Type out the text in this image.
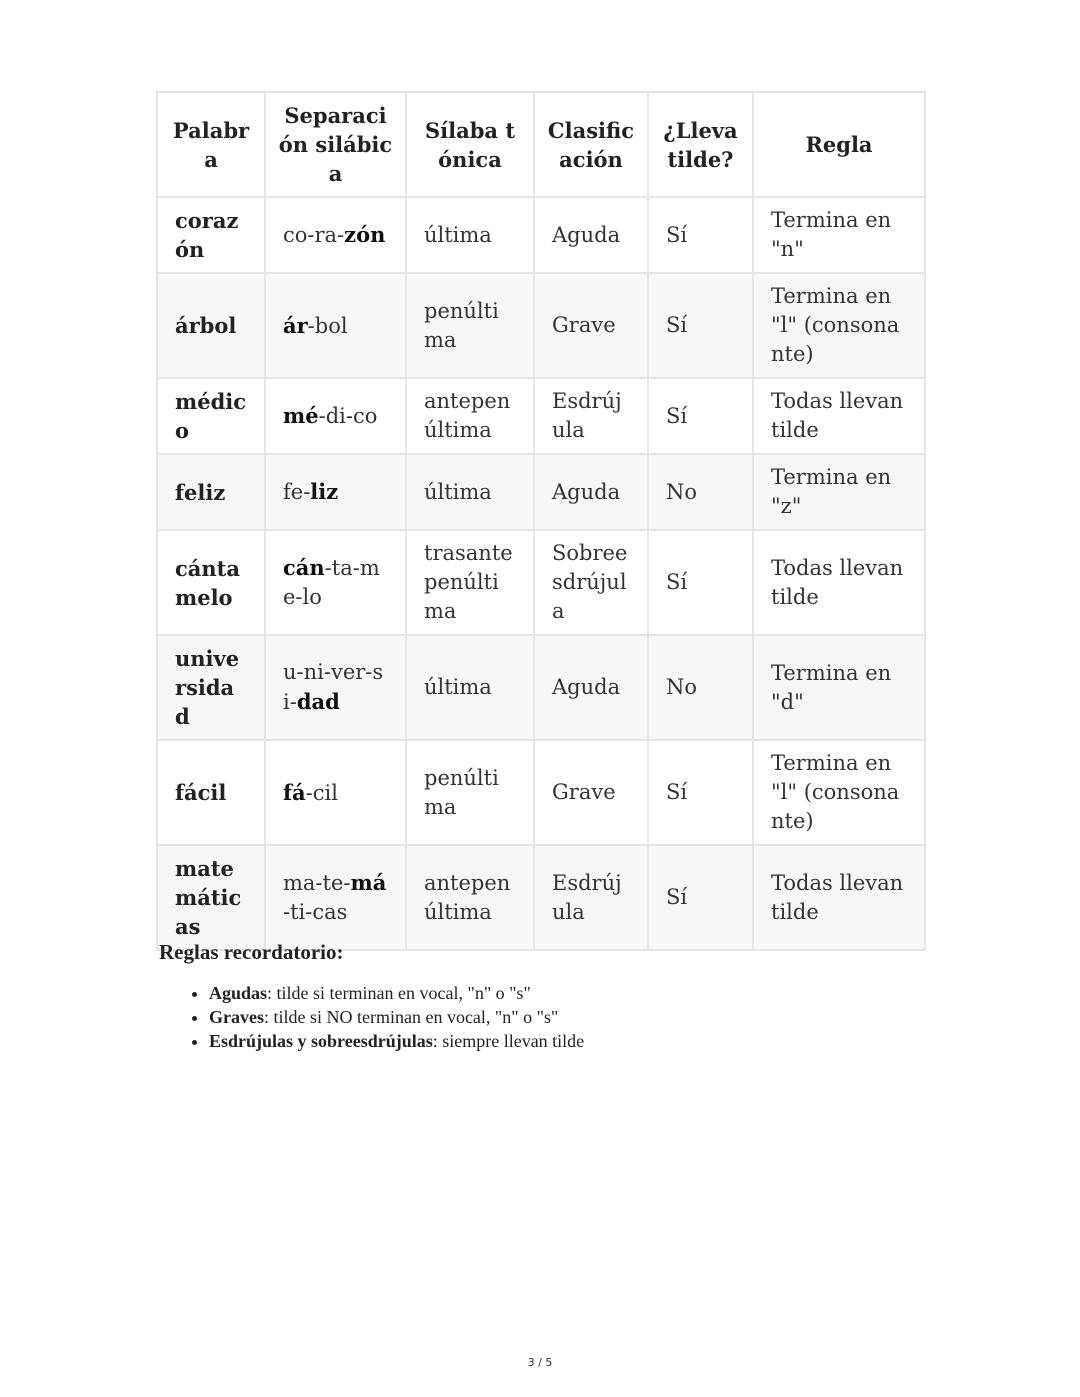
Palabra	Separación silábica	Sílaba tónica	Clasificación	¿Lleva tilde?	Regla
corazón	co-ra-zón	última	Aguda	Sí	Termina en "n"
árbol	ár-bol	penúltima	Grave	Sí	Termina en "l" (consonante)
médico	mé-di-co	antepenúltima	Esdrújula	Sí	Todas llevan tilde
feliz	fe-liz	última	Aguda	No	Termina en "z"
cántamelo	cán-ta-me-lo	trasantepenúltima	Sobreesdrújula	Sí	Todas llevan tilde
universidad	u-ni-ver-si-dad	última	Aguda	No	Termina en "d"
fácil	fá-cil	penúltima	Grave	Sí	Termina en "l" (consonante)
matemáticas	ma-te-má-ti-cas	antepenúltima	Esdrújula	Sí	Todas llevan tilde
Reglas recordatorio:
• Agudas: tilde si terminan en vocal, "n" o "s"
• Graves: tilde si NO terminan en vocal, "n" o "s"
• Esdrújulas y sobreesdrújulas: siempre llevan tilde
3 / 5
